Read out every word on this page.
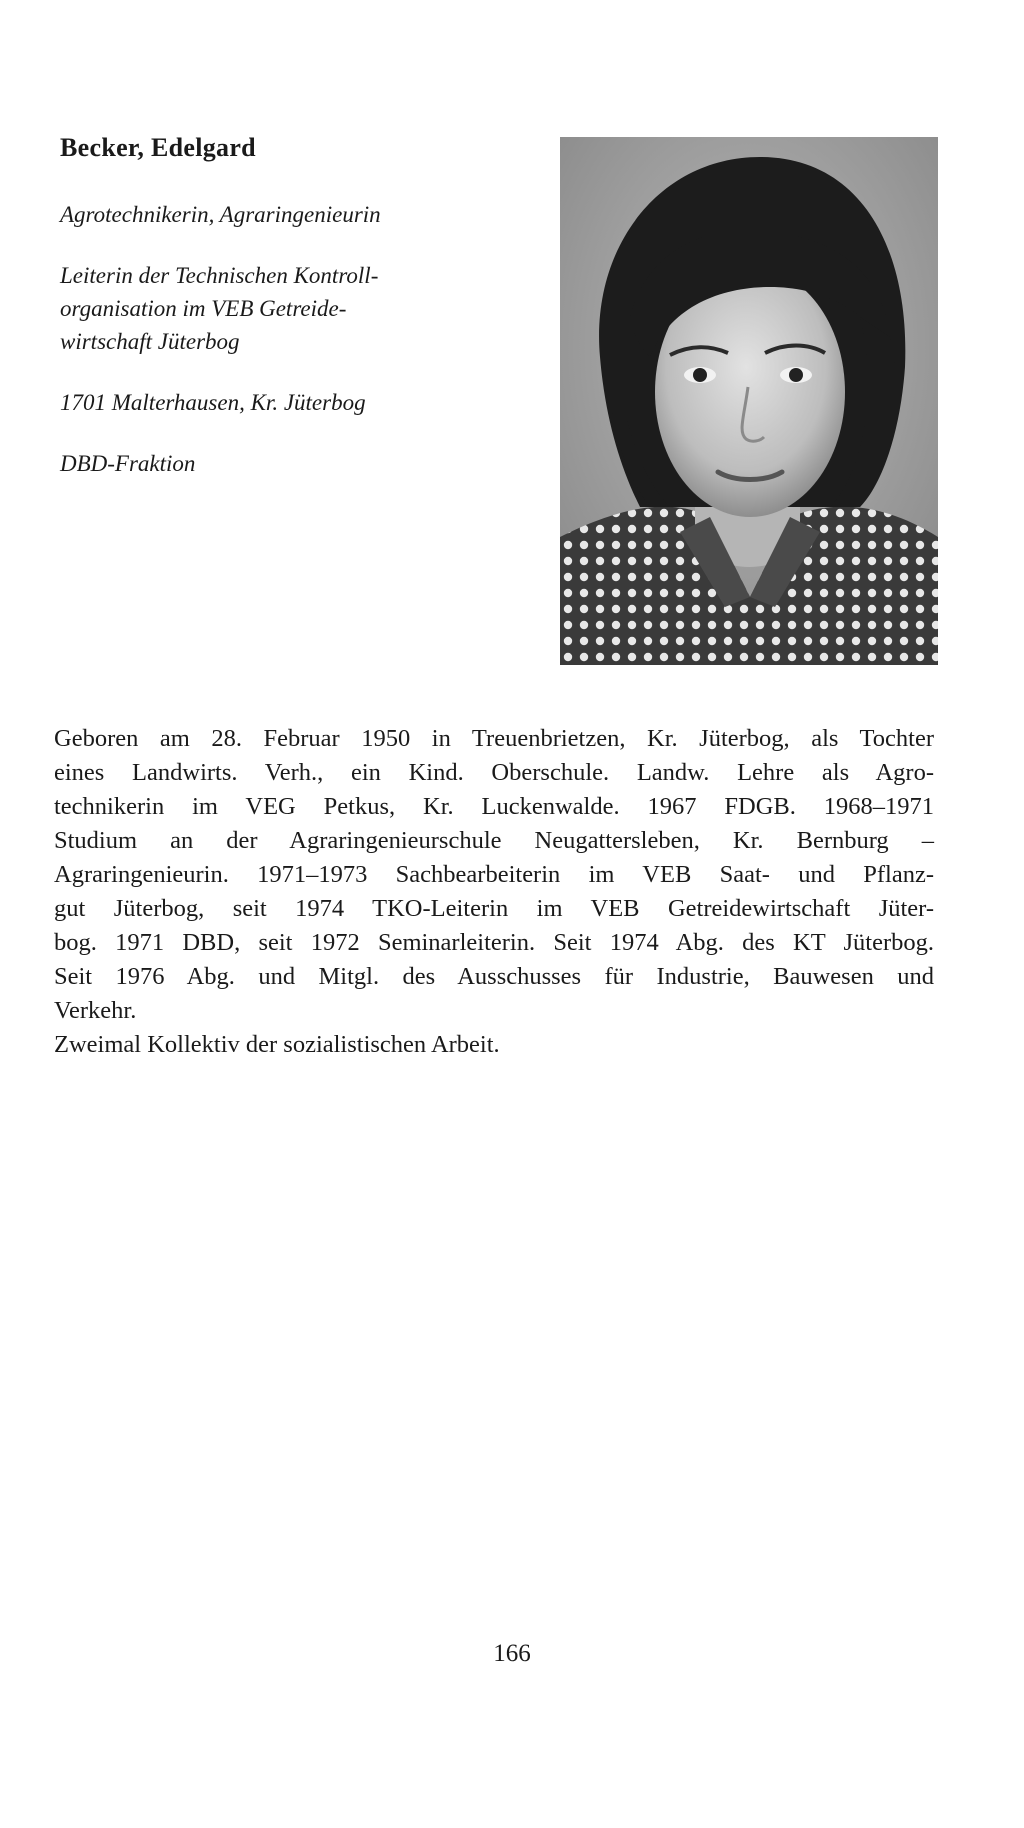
Becker, Edelgard

Agrotechnikerin, Agraringenieurin

Leiterin der Technischen Kontroll-
organisation im VEB Getreide-
wirtschaft Jüterbog

1701 Malterhausen, Kr. Jüterbog

DBD-Fraktion

Geboren am 28. Februar 1950 in Treuenbrietzen, Kr. Jüterbog, als Tochter
eines Landwirts. Verh., ein Kind. Oberschule. Landw. Lehre als Agro-
technikerin im VEG Petkus, Kr. Luckenwalde. 1967 FDGB. 1968–1971
Studium an der Agraringenieurschule Neugattersleben, Kr. Bernburg –
Agraringenieurin. 1971–1973 Sachbearbeiterin im VEB Saat- und Pflanz-
gut Jüterbog, seit 1974 TKO-Leiterin im VEB Getreidewirtschaft Jüter-
bog. 1971 DBD, seit 1972 Seminarleiterin. Seit 1974 Abg. des KT Jüterbog.
Seit 1976 Abg. und Mitgl. des Ausschusses für Industrie, Bauwesen und
Verkehr.
Zweimal Kollektiv der sozialistischen Arbeit.
166
